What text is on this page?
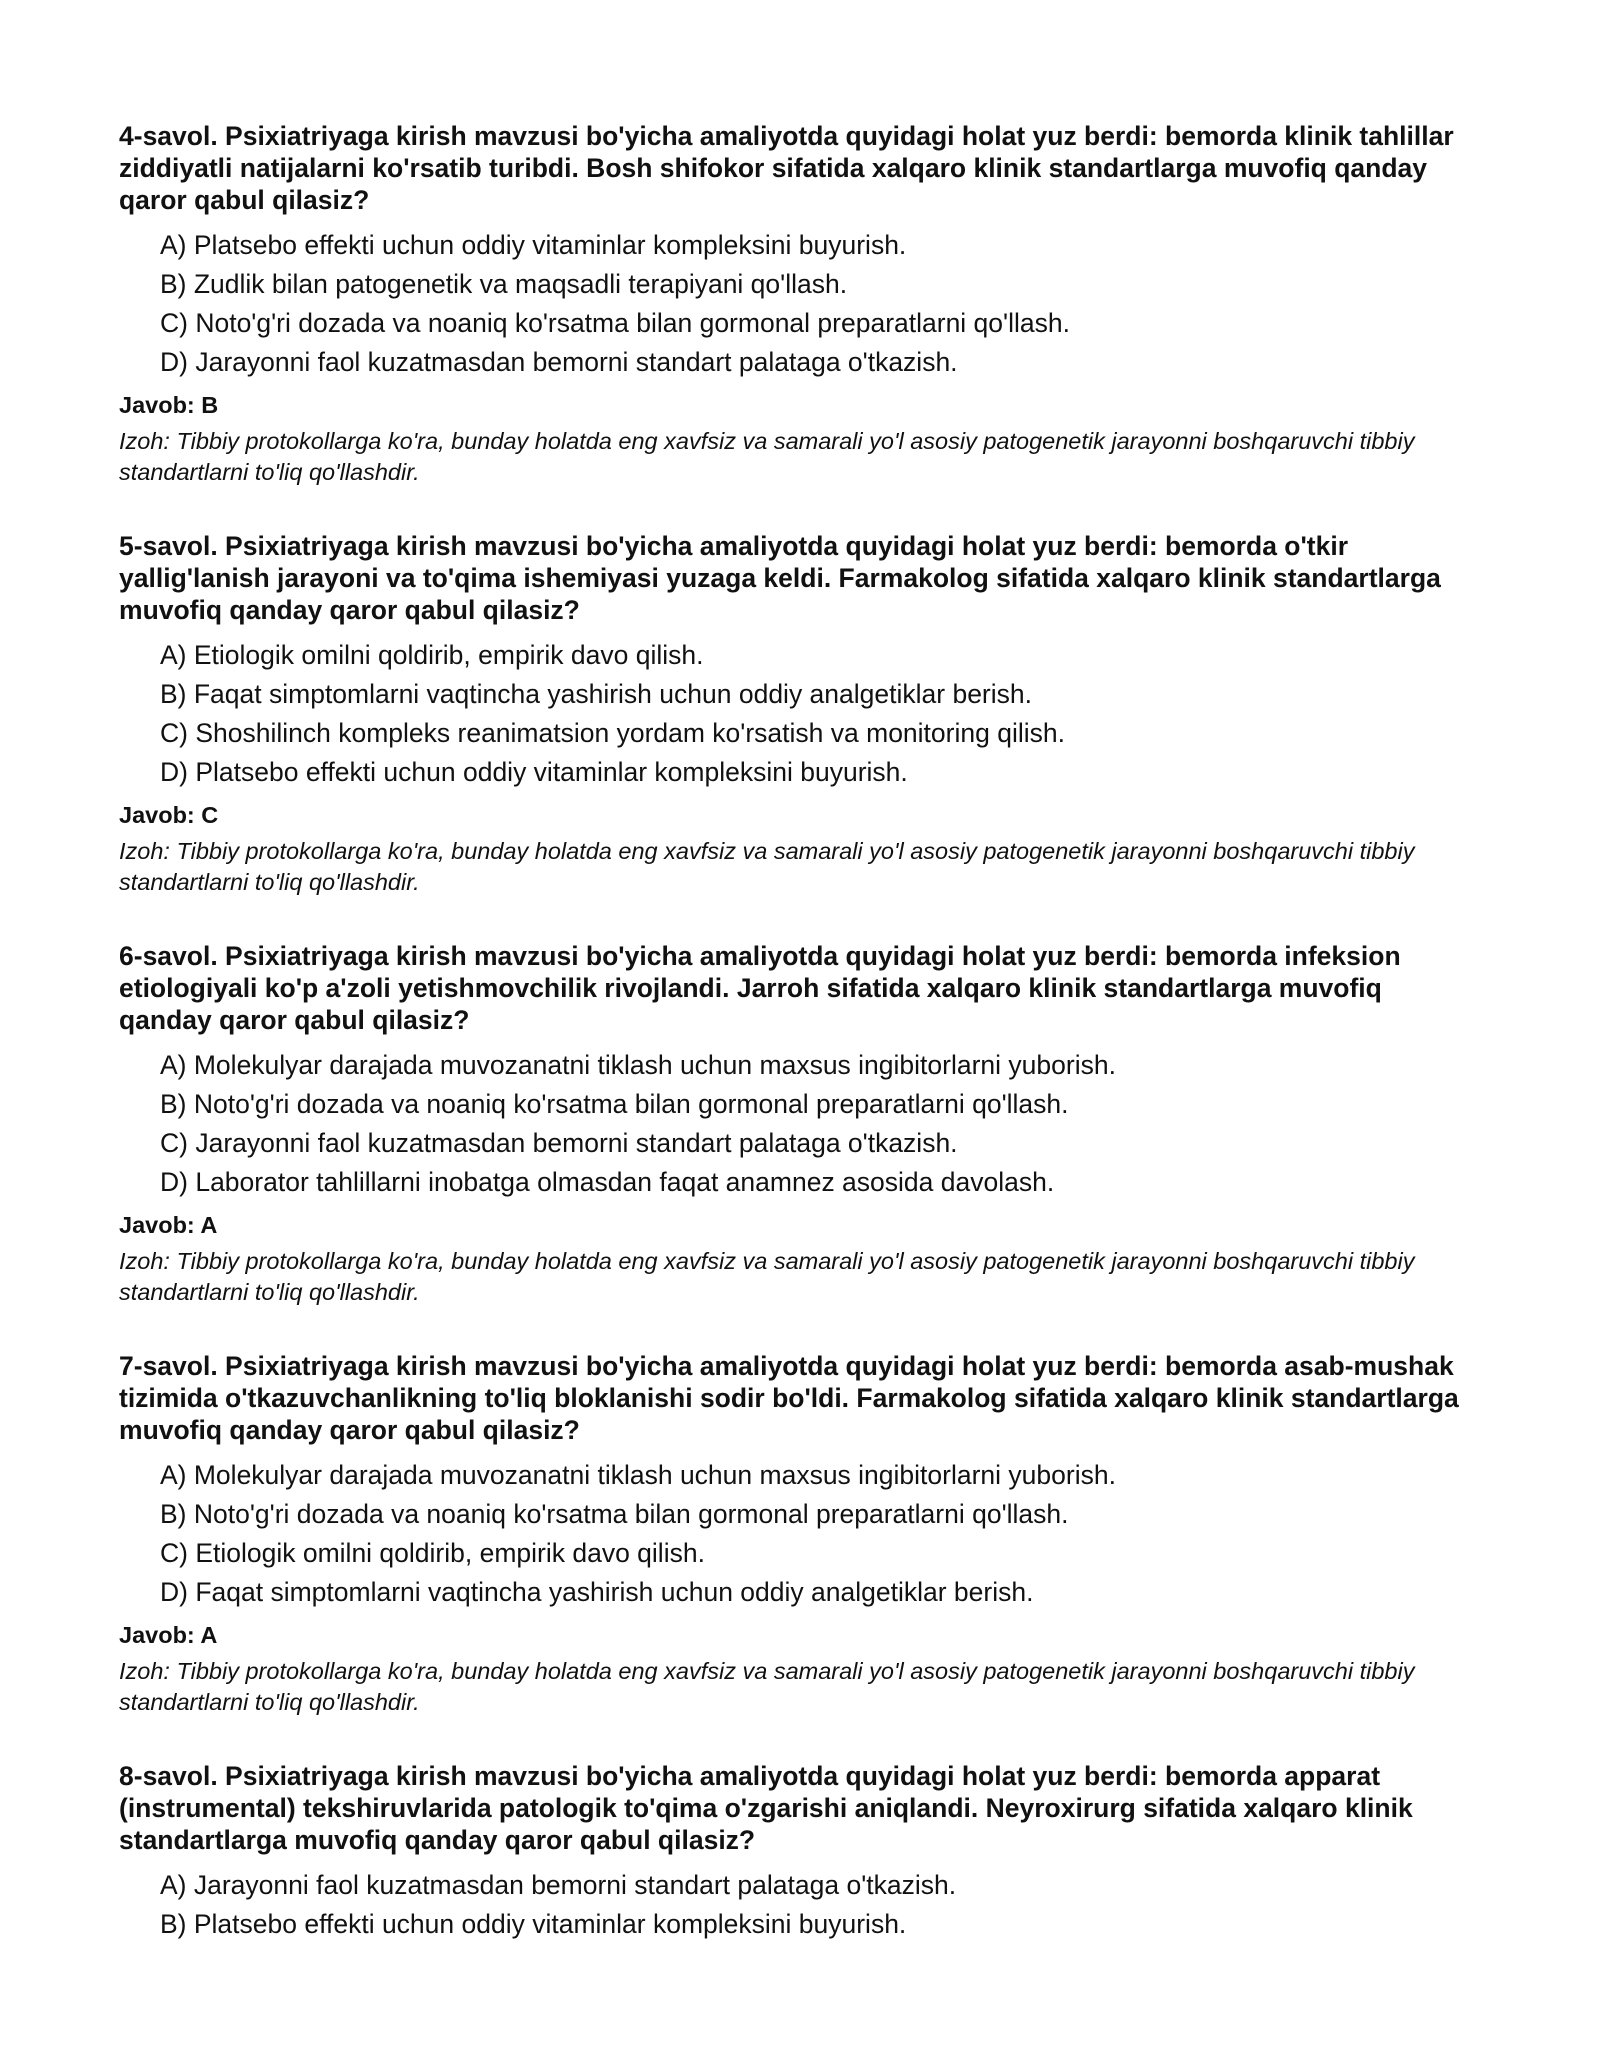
4-savol. Psixiatriyaga kirish mavzusi bo'yicha amaliyotda quyidagi holat yuz berdi: bemorda klinik tahlillar ziddiyatli natijalarni ko'rsatib turibdi. Bosh shifokor sifatida xalqaro klinik standartlarga muvofiq qanday qaror qabul qilasiz?

A) Platsebo effekti uchun oddiy vitaminlar kompleksini buyurish.
B) Zudlik bilan patogenetik va maqsadli terapiyani qo'llash.
C) Noto'g'ri dozada va noaniq ko'rsatma bilan gormonal preparatlarni qo'llash.
D) Jarayonni faol kuzatmasdan bemorni standart palataga o'tkazish.

Javob: B

Izoh: Tibbiy protokollarga ko'ra, bunday holatda eng xavfsiz va samarali yo'l asosiy patogenetik jarayonni boshqaruvchi tibbiy standartlarni to'liq qo'llashdir.

5-savol. Psixiatriyaga kirish mavzusi bo'yicha amaliyotda quyidagi holat yuz berdi: bemorda o'tkir yallig'lanish jarayoni va to'qima ishemiyasi yuzaga keldi. Farmakolog sifatida xalqaro klinik standartlarga muvofiq qanday qaror qabul qilasiz?

A) Etiologik omilni qoldirib, empirik davo qilish.
B) Faqat simptomlarni vaqtincha yashirish uchun oddiy analgetiklar berish.
C) Shoshilinch kompleks reanimatsion yordam ko'rsatish va monitoring qilish.
D) Platsebo effekti uchun oddiy vitaminlar kompleksini buyurish.

Javob: C

Izoh: Tibbiy protokollarga ko'ra, bunday holatda eng xavfsiz va samarali yo'l asosiy patogenetik jarayonni boshqaruvchi tibbiy standartlarni to'liq qo'llashdir.

6-savol. Psixiatriyaga kirish mavzusi bo'yicha amaliyotda quyidagi holat yuz berdi: bemorda infeksion etiologiyali ko'p a'zoli yetishmovchilik rivojlandi. Jarroh sifatida xalqaro klinik standartlarga muvofiq qanday qaror qabul qilasiz?

A) Molekulyar darajada muvozanatni tiklash uchun maxsus ingibitorlarni yuborish.
B) Noto'g'ri dozada va noaniq ko'rsatma bilan gormonal preparatlarni qo'llash.
C) Jarayonni faol kuzatmasdan bemorni standart palataga o'tkazish.
D) Laborator tahlillarni inobatga olmasdan faqat anamnez asosida davolash.

Javob: A

Izoh: Tibbiy protokollarga ko'ra, bunday holatda eng xavfsiz va samarali yo'l asosiy patogenetik jarayonni boshqaruvchi tibbiy standartlarni to'liq qo'llashdir.

7-savol. Psixiatriyaga kirish mavzusi bo'yicha amaliyotda quyidagi holat yuz berdi: bemorda asab-mushak tizimida o'tkazuvchanlikning to'liq bloklanishi sodir bo'ldi. Farmakolog sifatida xalqaro klinik standartlarga muvofiq qanday qaror qabul qilasiz?

A) Molekulyar darajada muvozanatni tiklash uchun maxsus ingibitorlarni yuborish.
B) Noto'g'ri dozada va noaniq ko'rsatma bilan gormonal preparatlarni qo'llash.
C) Etiologik omilni qoldirib, empirik davo qilish.
D) Faqat simptomlarni vaqtincha yashirish uchun oddiy analgetiklar berish.

Javob: A

Izoh: Tibbiy protokollarga ko'ra, bunday holatda eng xavfsiz va samarali yo'l asosiy patogenetik jarayonni boshqaruvchi tibbiy standartlarni to'liq qo'llashdir.

8-savol. Psixiatriyaga kirish mavzusi bo'yicha amaliyotda quyidagi holat yuz berdi: bemorda apparat (instrumental) tekshiruvlarida patologik to'qima o'zgarishi aniqlandi. Neyroxirurg sifatida xalqaro klinik standartlarga muvofiq qanday qaror qabul qilasiz?

A) Jarayonni faol kuzatmasdan bemorni standart palataga o'tkazish.
B) Platsebo effekti uchun oddiy vitaminlar kompleksini buyurish.
